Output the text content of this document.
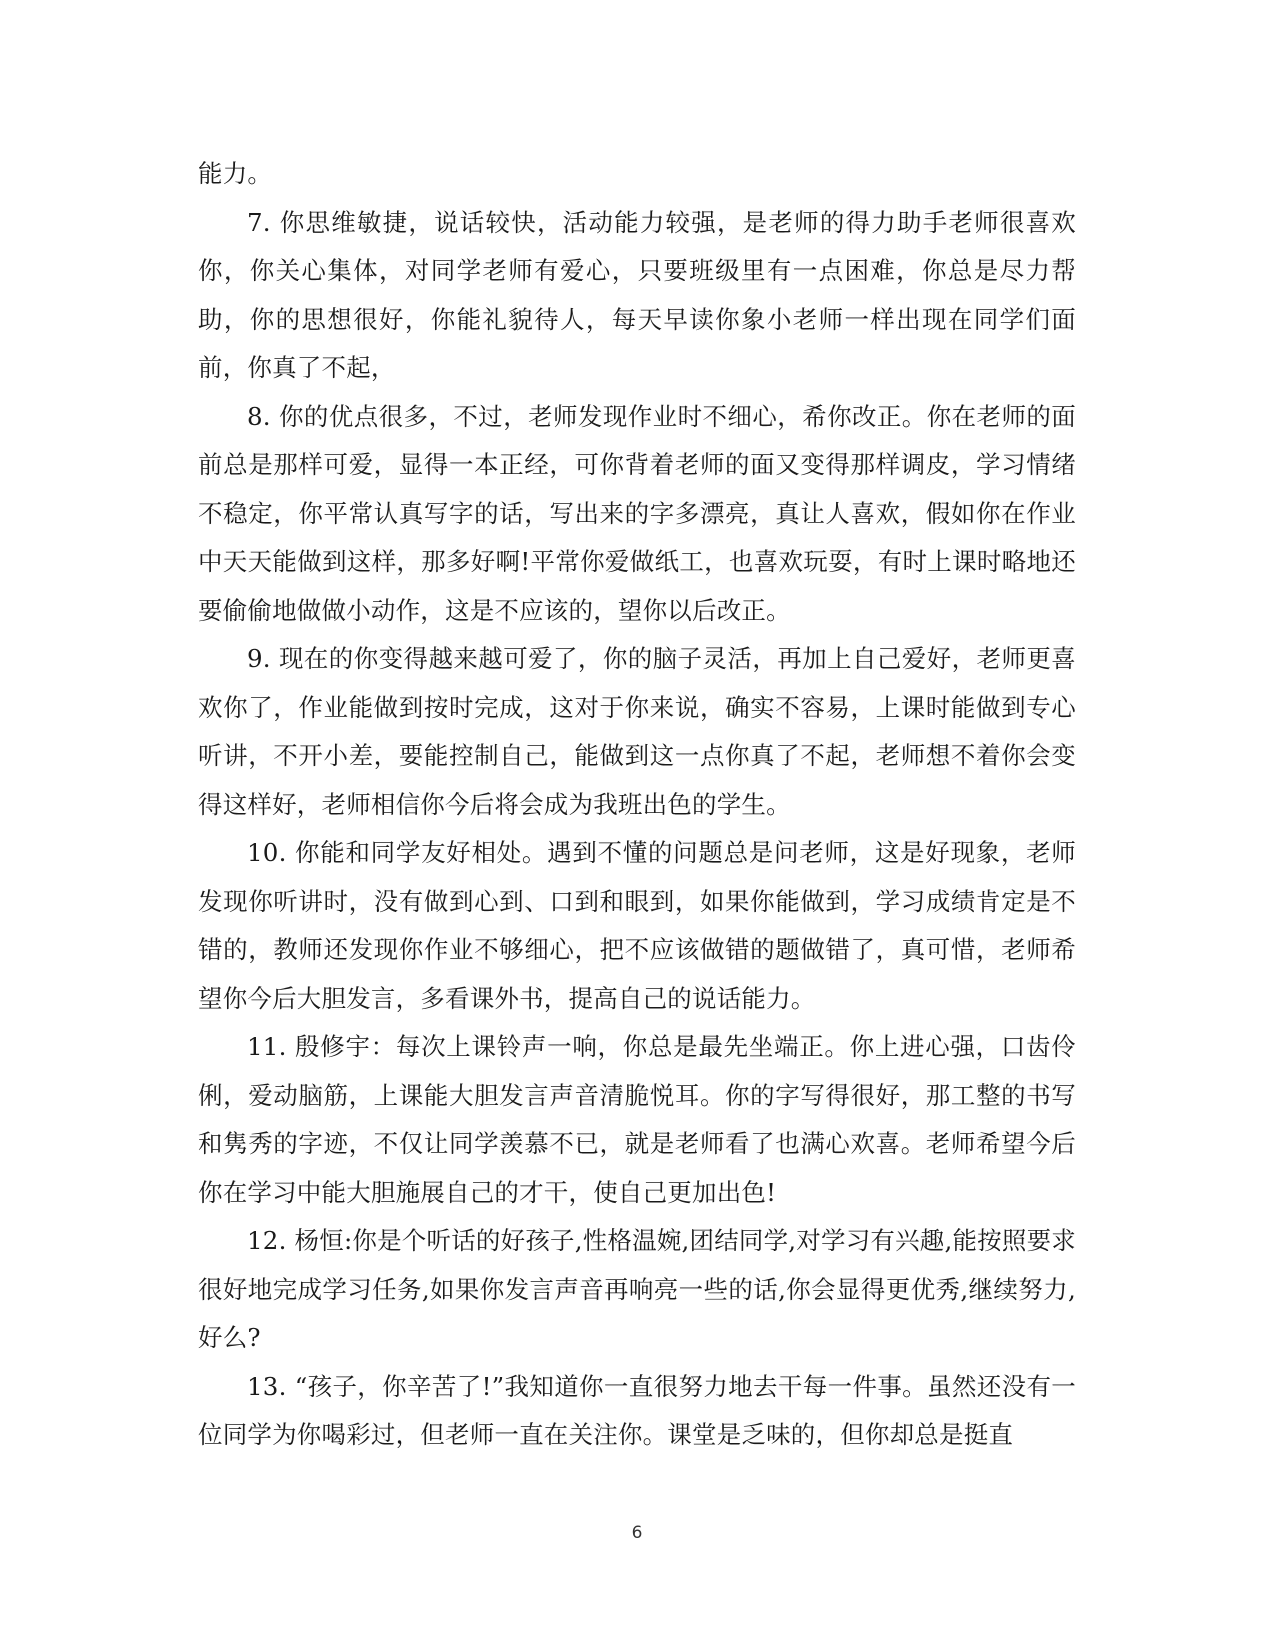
能力。

7. 你思维敏捷，说话较快，活动能力较强，是老师的得力助手老师很喜欢你，你关心集体，对同学老师有爱心，只要班级里有一点困难，你总是尽力帮助，你的思想很好，你能礼貌待人，每天早读你象小老师一样出现在同学们面前，你真了不起，

8. 你的优点很多，不过，老师发现作业时不细心，希你改正。你在老师的面前总是那样可爱，显得一本正经，可你背着老师的面又变得那样调皮，学习情绪不稳定，你平常认真写字的话，写出来的字多漂亮，真让人喜欢，假如你在作业中天天能做到这样，那多好啊!平常你爱做纸工，也喜欢玩耍，有时上课时略地还要偷偷地做做小动作，这是不应该的，望你以后改正。

9. 现在的你变得越来越可爱了，你的脑子灵活，再加上自己爱好，老师更喜欢你了，作业能做到按时完成，这对于你来说，确实不容易，上课时能做到专心听讲，不开小差，要能控制自己，能做到这一点你真了不起，老师想不着你会变得这样好，老师相信你今后将会成为我班出色的学生。

10. 你能和同学友好相处。遇到不懂的问题总是问老师，这是好现象，老师发现你听讲时，没有做到心到、口到和眼到，如果你能做到，学习成绩肯定是不错的，教师还发现你作业不够细心，把不应该做错的题做错了，真可惜，老师希望你今后大胆发言，多看课外书，提高自己的说话能力。

11. 殷修宇：每次上课铃声一响，你总是最先坐端正。你上进心强，口齿伶俐，爱动脑筋，上课能大胆发言声音清脆悦耳。你的字写得很好，那工整的书写和隽秀的字迹，不仅让同学羡慕不已，就是老师看了也满心欢喜。老师希望今后你在学习中能大胆施展自己的才干，使自己更加出色!

12. 杨恒:你是个听话的好孩子,性格温婉,团结同学,对学习有兴趣,能按照要求很好地完成学习任务,如果你发言声音再响亮一些的话,你会显得更优秀,继续努力,好么?

13. “孩子，你辛苦了!”我知道你一直很努力地去干每一件事。虽然还没有一位同学为你喝彩过，但老师一直在关注你。课堂是乏味的，但你却总是挺直

6
